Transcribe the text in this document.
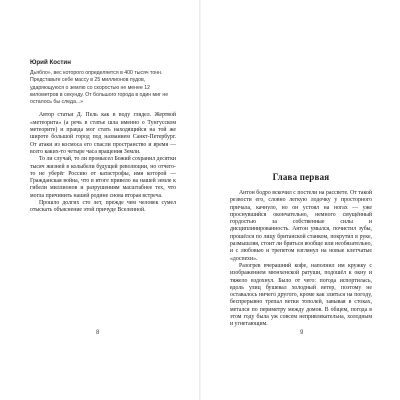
Юрий Костин

Дьябло», вес которого определяется в 400 тысяч тонн. Представьте себе массу в 25 миллионов пудов, ударяющуюся о землю со скоростью не менее 12 километров в секунду. От большого города в один миг не осталось бы следа...»

Автор статьи Д. Пель как в воду глядел. Жертвой «метеорита» (а речь в статье шла именно о Тунгусском метеорите) и правда мог стать находящийся на той же широте большой город под названием Санкт-Петербург. От атаки из космоса его спасли пространство и время — всего каких-то четыре часа вращения Земли.

То ли случай, то ли промысел Божий сохранил десятки тысяч жизней в колыбели будущей революции, но отчего-то не уберёг Россию от катастрофы, имя которой — Гражданская война, что в итоге привело на нашей земле к гибели миллионов и разрушениям масштабнее тех, что могла причинить нашей родине снова вторая встреча.

Прошло долгих сто лет, прежде чем человек сумел отыскать объяснение этой причуде Вселенной.

8
Глава первая

Антон бодро вскочил с постели на рассвете. От такой резвости его, словно легкую лодочку у просторного причала, качнуло, но он устоял на ногах — уже проснувшийся окончательно, немного смущённый гордостью за собственные силы и дисциплинированность. Антон умылся, почистил зубы, прошёлся по лицу британской станком, покрутил в руке, размышляя, стоит ли бриться вообще или необязательно, и с любовью и трепетом взглянул на новые клетчатые «доспехи».

Разогрев вчерашний кофе, наполнил им кружку с изображением мюнхенской ратуши, подошёл к окну и тяжело вздохнул. Было от чего: погода испортилась, вдоль улиц бушевал холодный ветер, поэтому не оставалось ничего другого, кроме как злиться на погоду, беспрерывно трепал ветки тополей, завывая в стоках, метался по периметру между домов. В общем, погода в этом году была уж совсем непривлекательна, холодным и угнетающим.

9
